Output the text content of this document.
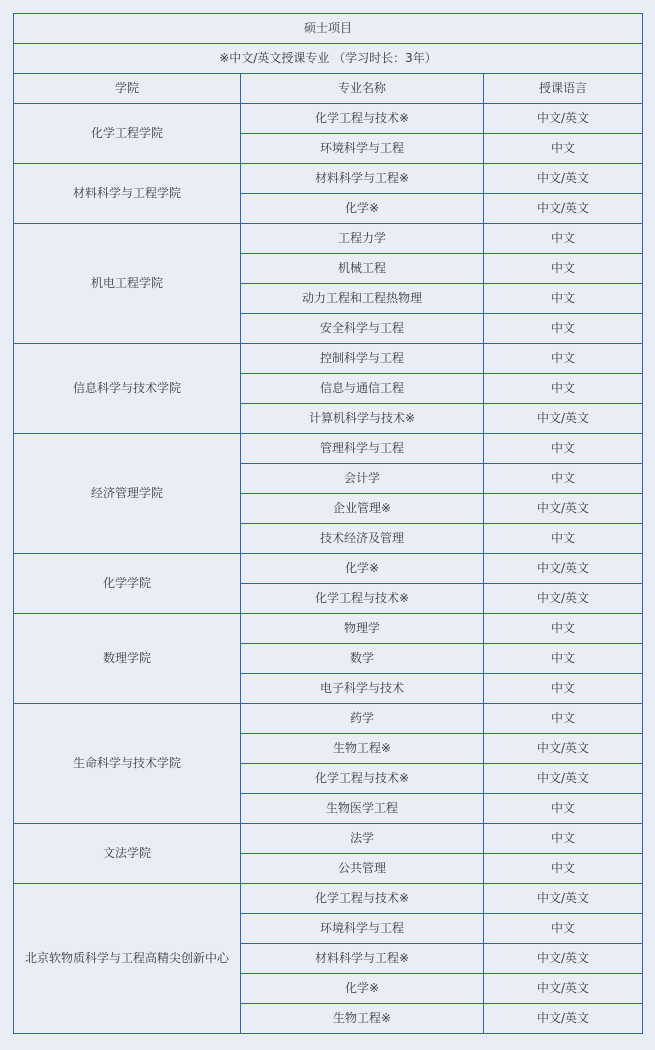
硕士项目		
※中文/英文授课专业 （学习时长：3年）		
学院	专业名称	授课语言
化学工程学院	化学工程与技术※	中文/英文
	环境科学与工程	中文
材料科学与工程学院	材料科学与工程※	中文/英文
	化学※	中文/英文
机电工程学院	工程力学	中文
	机械工程	中文
	动力工程和工程热物理	中文
	安全科学与工程	中文
信息科学与技术学院	控制科学与工程	中文
	信息与通信工程	中文
	计算机科学与技术※	中文/英文
经济管理学院	管理科学与工程	中文
	会计学	中文
	企业管理※	中文/英文
	技术经济及管理	中文
化学学院	化学※	中文/英文
	化学工程与技术※	中文/英文
数理学院	物理学	中文
	数学	中文
	电子科学与技术	中文
生命科学与技术学院	药学	中文
	生物工程※	中文/英文
	化学工程与技术※	中文/英文
	生物医学工程	中文
文法学院	法学	中文
	公共管理	中文
北京软物质科学与工程高精尖创新中心	化学工程与技术※	中文/英文
	环境科学与工程	中文
	材料科学与工程※	中文/英文
	化学※	中文/英文
	生物工程※	中文/英文
